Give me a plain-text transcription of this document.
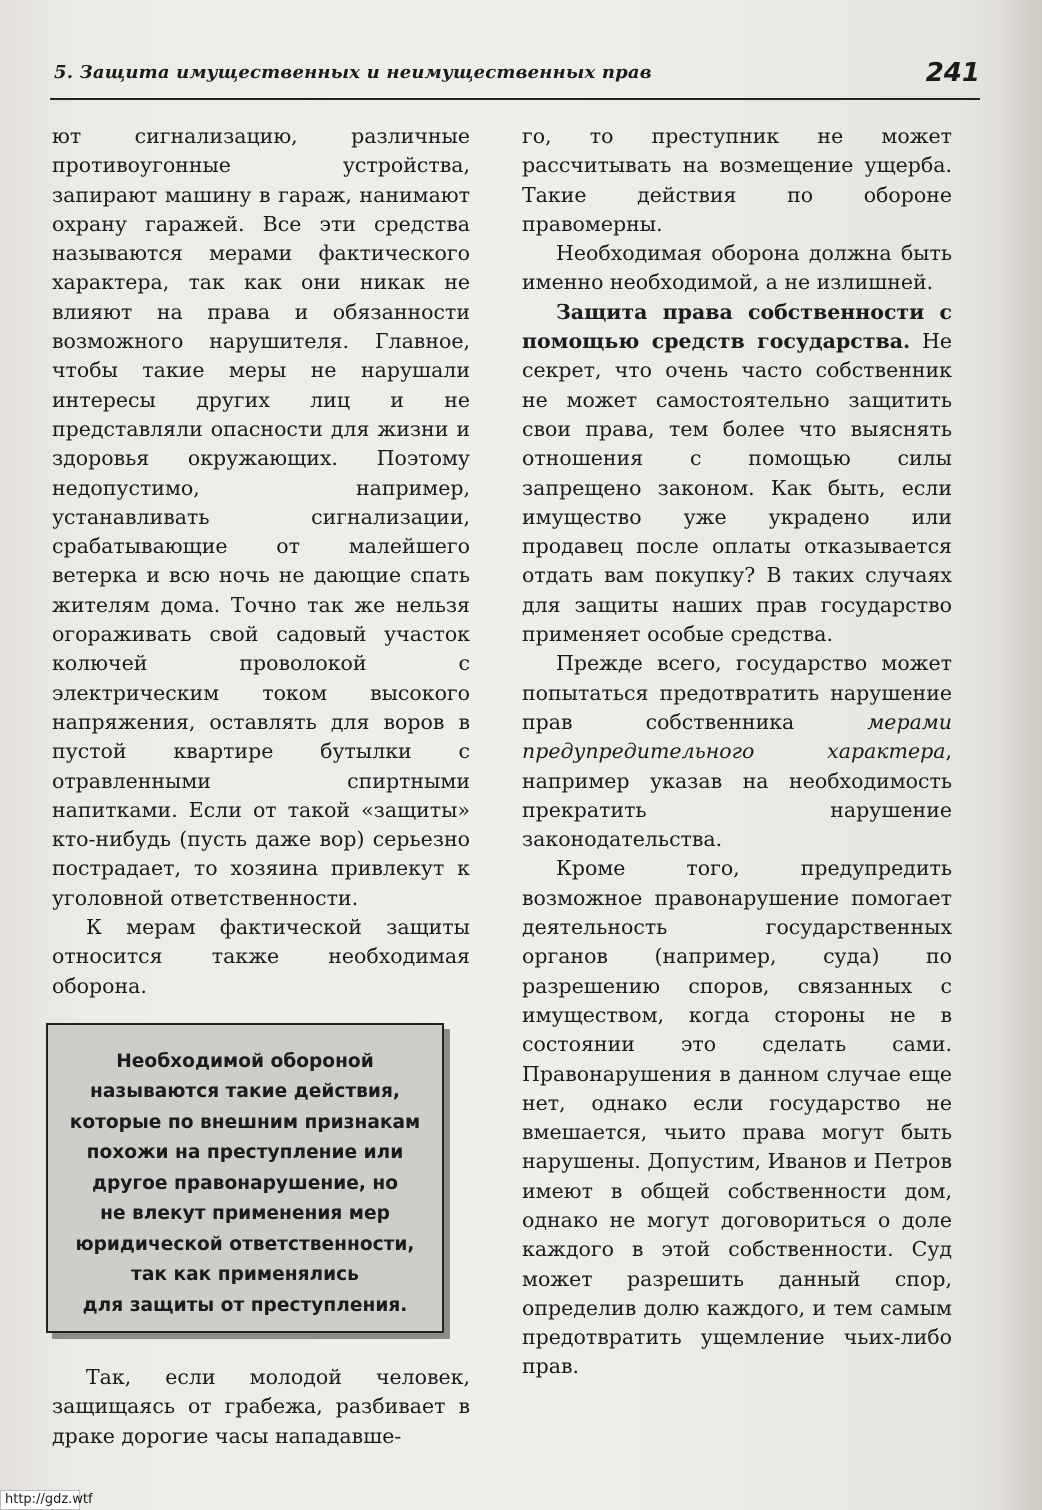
5. Защита имущественных и неимущественных прав	241

ют сигнализацию, различные противоугонные устройства, запирают машину в гараж, нанимают охрану гаражей. Все эти средства называются мерами фактического характера, так как они никак не влияют на права и обязанности возможного нарушителя. Главное, чтобы такие меры не нарушали интересы других лиц и не представляли опасности для жизни и здоровья окружающих. Поэтому недопустимо, например, устанавливать сигнализации, срабатывающие от малейшего ветерка и всю ночь не дающие спать жителям дома. Точно так же нельзя огораживать свой садовый участок колючей проволокой с электрическим током высокого напряжения, оставлять для воров в пустой квартире бутылки с отравленными спиртными напитками. Если от такой «защиты» кто-нибудь (пусть даже вор) серьезно пострадает, то хозяина привлекут к уголовной ответственности.

К мерам фактической защиты относится также необходимая оборона.

Необходимой обороной
называются такие действия,
которые по внешним признакам
похожи на преступление или
другое правонарушение, но
не влекут применения мер
юридической ответственности,
так как применялись
для защиты от преступления.

Так, если молодой человек, защищаясь от грабежа, разбивает в драке дорогие часы нападавше-

го, то преступник не может рассчитывать на возмещение ущерба. Такие действия по обороне правомерны.

Необходимая оборона должна быть именно необходимой, а не излишней.

Защита права собственности с помощью средств государства. Не секрет, что очень часто собственник не может самостоятельно защитить свои права, тем более что выяснять отношения с помощью силы запрещено законом. Как быть, если имущество уже украдено или продавец после оплаты отказывается отдать вам покупку? В таких случаях для защиты наших прав государство применяет особые средства.

Прежде всего, государство может попытаться предотвратить нарушение прав собственника мерами предупредительного характера, например указав на необходимость прекратить нарушение законодательства.

Кроме того, предупредить возможное правонарушение помогает деятельность государственных органов (например, суда) по разрешению споров, связанных с имуществом, когда стороны не в состоянии это сделать сами. Правонарушения в данном случае еще нет, однако если государство не вмешается, чьито права могут быть нарушены. Допустим, Иванов и Петров имеют в общей собственности дом, однако не могут договориться о доле каждого в этой собственности. Суд может разрешить данный спор, определив долю каждого, и тем самым предотвратить ущемление чьих-либо прав.

http://gdz.wtf
